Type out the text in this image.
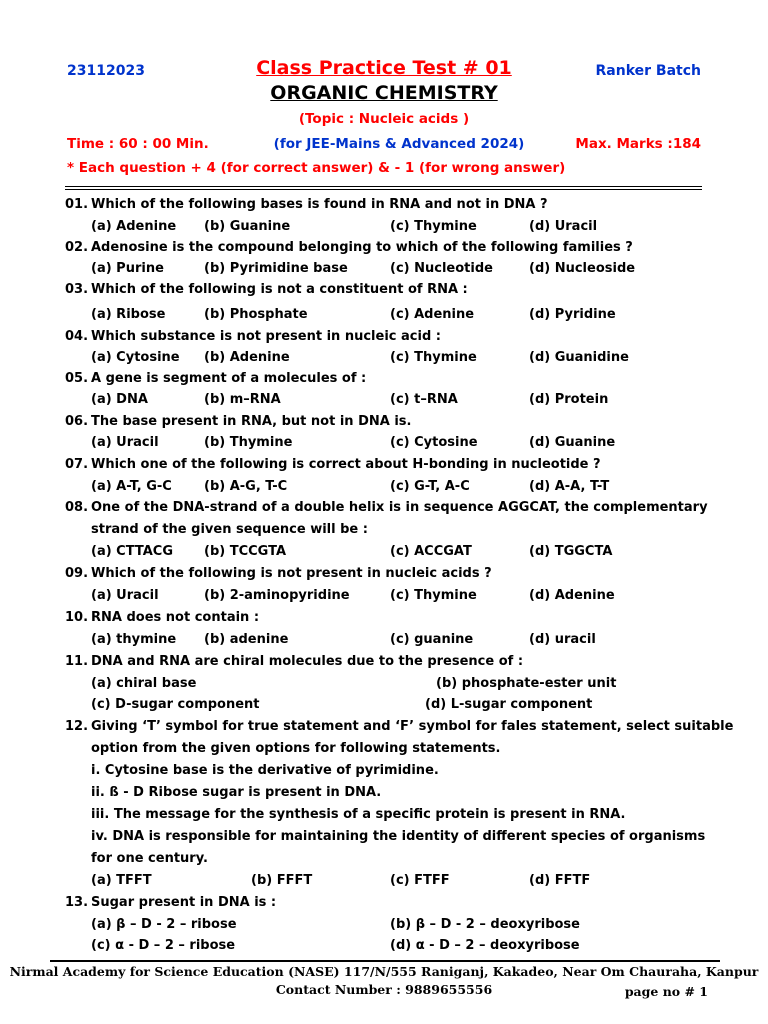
23112023	Class Practice Test # 01	Ranker Batch
ORGANIC CHEMISTRY
(Topic : Nucleic acids )
Time : 60 : 00 Min.	(for JEE-Mains & Advanced 2024)	Max. Marks :184
* Each question + 4 (for correct answer) & - 1 (for wrong answer)
01. Which of the following bases is found in RNA and not in DNA ?
(a) Adenine (b) Guanine	(c) Thymine	(d) Uracil
02. Adenosine is the compound belonging to which of the following families ?
(a) Purine	(b) Pyrimidine base	(c) Nucleotide	(d) Nucleoside
03. Which of the following is not a constituent of RNA :
(a) Ribose	(b) Phosphate	(c) Adenine	(d) Pyridine
04. Which substance is not present in nucleic acid :
(a) Cytosine (b) Adenine	(c) Thymine	(d) Guanidine
05. A gene is segment of a molecules of :
(a) DNA	(b) m–RNA	(c) t–RNA	(d) Protein
06. The base present in RNA, but not in DNA is.
(a) Uracil	(b) Thymine	(c) Cytosine	(d) Guanine
07. Which one of the following is correct about H-bonding in nucleotide ?
(a) A-T, G-C (b) A-G, T-C	(c) G-T, A-C	(d) A-A, T-T
08. One of the DNA-strand of a double helix is in sequence AGGCAT, the complementary
strand of the given sequence will be :
(a) CTTACG (b) TCCGTA	(c) ACCGAT	(d) TGGCTA
09. Which of the following is not present in nucleic acids ?
(a) Uracil	(b) 2-aminopyridine	(c) Thymine	(d) Adenine
10. RNA does not contain :
(a) thymine (b) adenine	(c) guanine	(d) uracil
11. DNA and RNA are chiral molecules due to the presence of :
(a) chiral base	(b) phosphate-ester unit
(c) D-sugar component	(d) L-sugar component
12. Giving ‘T’ symbol for true statement and ‘F’ symbol for fales statement, select suitable
option from the given options for following statements.
i. Cytosine base is the derivative of pyrimidine.
ii. ß - D Ribose sugar is present in DNA.
iii. The message for the synthesis of a specific protein is present in RNA.
iv. DNA is responsible for maintaining the identity of different species of organisms
for one century.
(a) TFFT	(b) FFFT	(c) FTFF	(d) FFTF
13. Sugar present in DNA is :
(a) β – D - 2 – ribose	(b) β – D - 2 – deoxyribose
(c) α - D – 2 – ribose	(d) α - D – 2 – deoxyribose
Nirmal Academy for Science Education (NASE) 117/N/555 Raniganj, Kakadeo, Near Om Chauraha, Kanpur
Contact Number : 9889655556	page no # 1
